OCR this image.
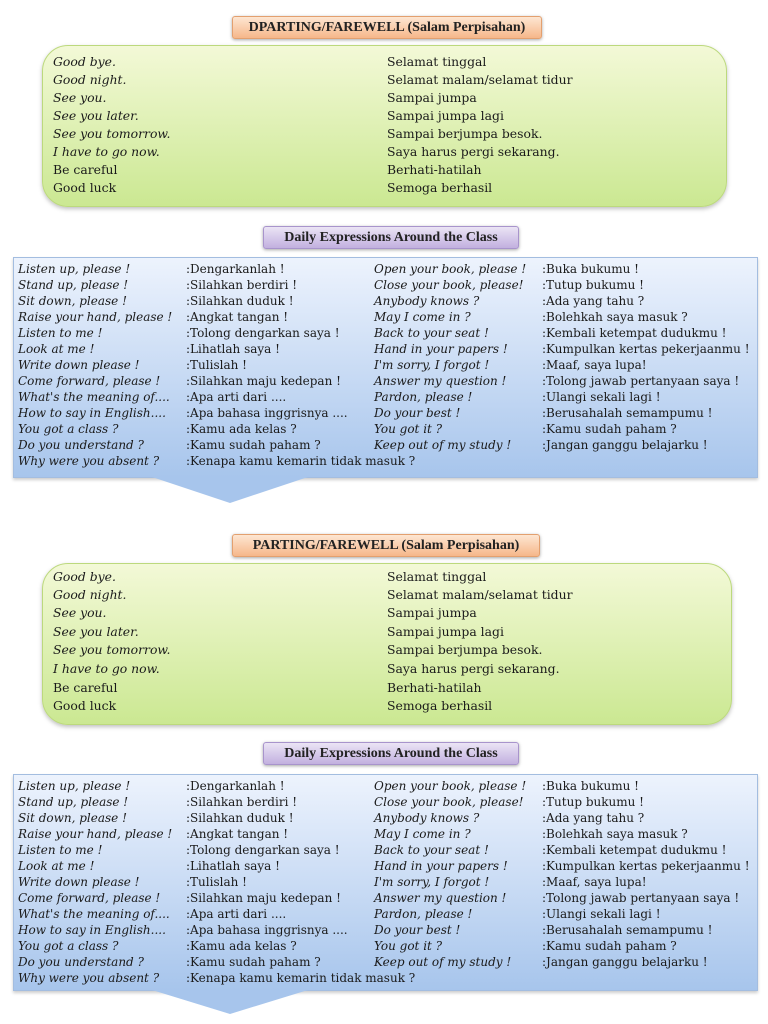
DPARTING/FAREWELL (Salam Perpisahan)
Good bye.	Selamat tinggal
Good night.	Selamat malam/selamat tidur
See you.	Sampai jumpa
See you later.	Sampai jumpa lagi
See you tomorrow.	Sampai berjumpa besok.
I have to go now.	Saya harus pergi sekarang.
Be careful	Berhati-hatilah
Good luck	Semoga berhasil
Daily Expressions Around the Class
Listen up, please !	:Dengarkanlah !	Open your book, please ! :Buka bukumu !
Stand up, please !	:Silahkan berdiri !	Close your book, please! :Tutup bukumu !
Sit down, please !	:Silahkan duduk !	Anybody knows ?	:Ada yang tahu ?
Raise your hand, please ! :Angkat tangan !	May I come in ?	:Bolehkah saya masuk ?
Listen to me !	:Tolong dengarkan saya !	Back to your seat !	:Kembali ketempat dudukmu !
Look at me !	:Lihatlah saya !	Hand in your papers !	:Kumpulkan kertas pekerjaanmu !
Write down please !	:Tulislah !	I'm sorry, I forgot !	:Maaf, saya lupa!
Come forward, please ! :Silahkan maju kedepan !	Answer my question !	:Tolong jawab pertanyaan saya !
What's the meaning of.... :Apa arti dari ....	Pardon, please !	:Ulangi sekali lagi !
How to say in English.... :Apa bahasa inggrisnya .... Do your best !	:Berusahalah semampumu !
You got a class ?	:Kamu ada kelas ?	You got it ?	:Kamu sudah paham ?
Do you understand ?	:Kamu sudah paham ?	Keep out of my study !	:Jangan ganggu belajarku !
Why were you absent ? :Kenapa kamu kemarin tidak masuk ?
PARTING/FAREWELL (Salam Perpisahan)
Good bye.	Selamat tinggal
Good night.	Selamat malam/selamat tidur
See you.	Sampai jumpa
See you later.	Sampai jumpa lagi
See you tomorrow.	Sampai berjumpa besok.
I have to go now.	Saya harus pergi sekarang.
Be careful	Berhati-hatilah
Good luck	Semoga berhasil
Daily Expressions Around the Class
Listen up, please !	:Dengarkanlah !	Open your book, please ! :Buka bukumu !
Stand up, please !	:Silahkan berdiri !	Close your book, please! :Tutup bukumu !
Sit down, please !	:Silahkan duduk !	Anybody knows ?	:Ada yang tahu ?
Raise your hand, please ! :Angkat tangan !	May I come in ?	:Bolehkah saya masuk ?
Listen to me !	:Tolong dengarkan saya !	Back to your seat !	:Kembali ketempat dudukmu !
Look at me !	:Lihatlah saya !	Hand in your papers !	:Kumpulkan kertas pekerjaanmu !
Write down please !	:Tulislah !	I'm sorry, I forgot !	:Maaf, saya lupa!
Come forward, please ! :Silahkan maju kedepan !	Answer my question !	:Tolong jawab pertanyaan saya !
What's the meaning of.... :Apa arti dari ....	Pardon, please !	:Ulangi sekali lagi !
How to say in English.... :Apa bahasa inggrisnya .... Do your best !	:Berusahalah semampumu !
You got a class ?	:Kamu ada kelas ?	You got it ?	:Kamu sudah paham ?
Do you understand ?	:Kamu sudah paham ?	Keep out of my study !	:Jangan ganggu belajarku !
Why were you absent ? :Kenapa kamu kemarin tidak masuk ?
